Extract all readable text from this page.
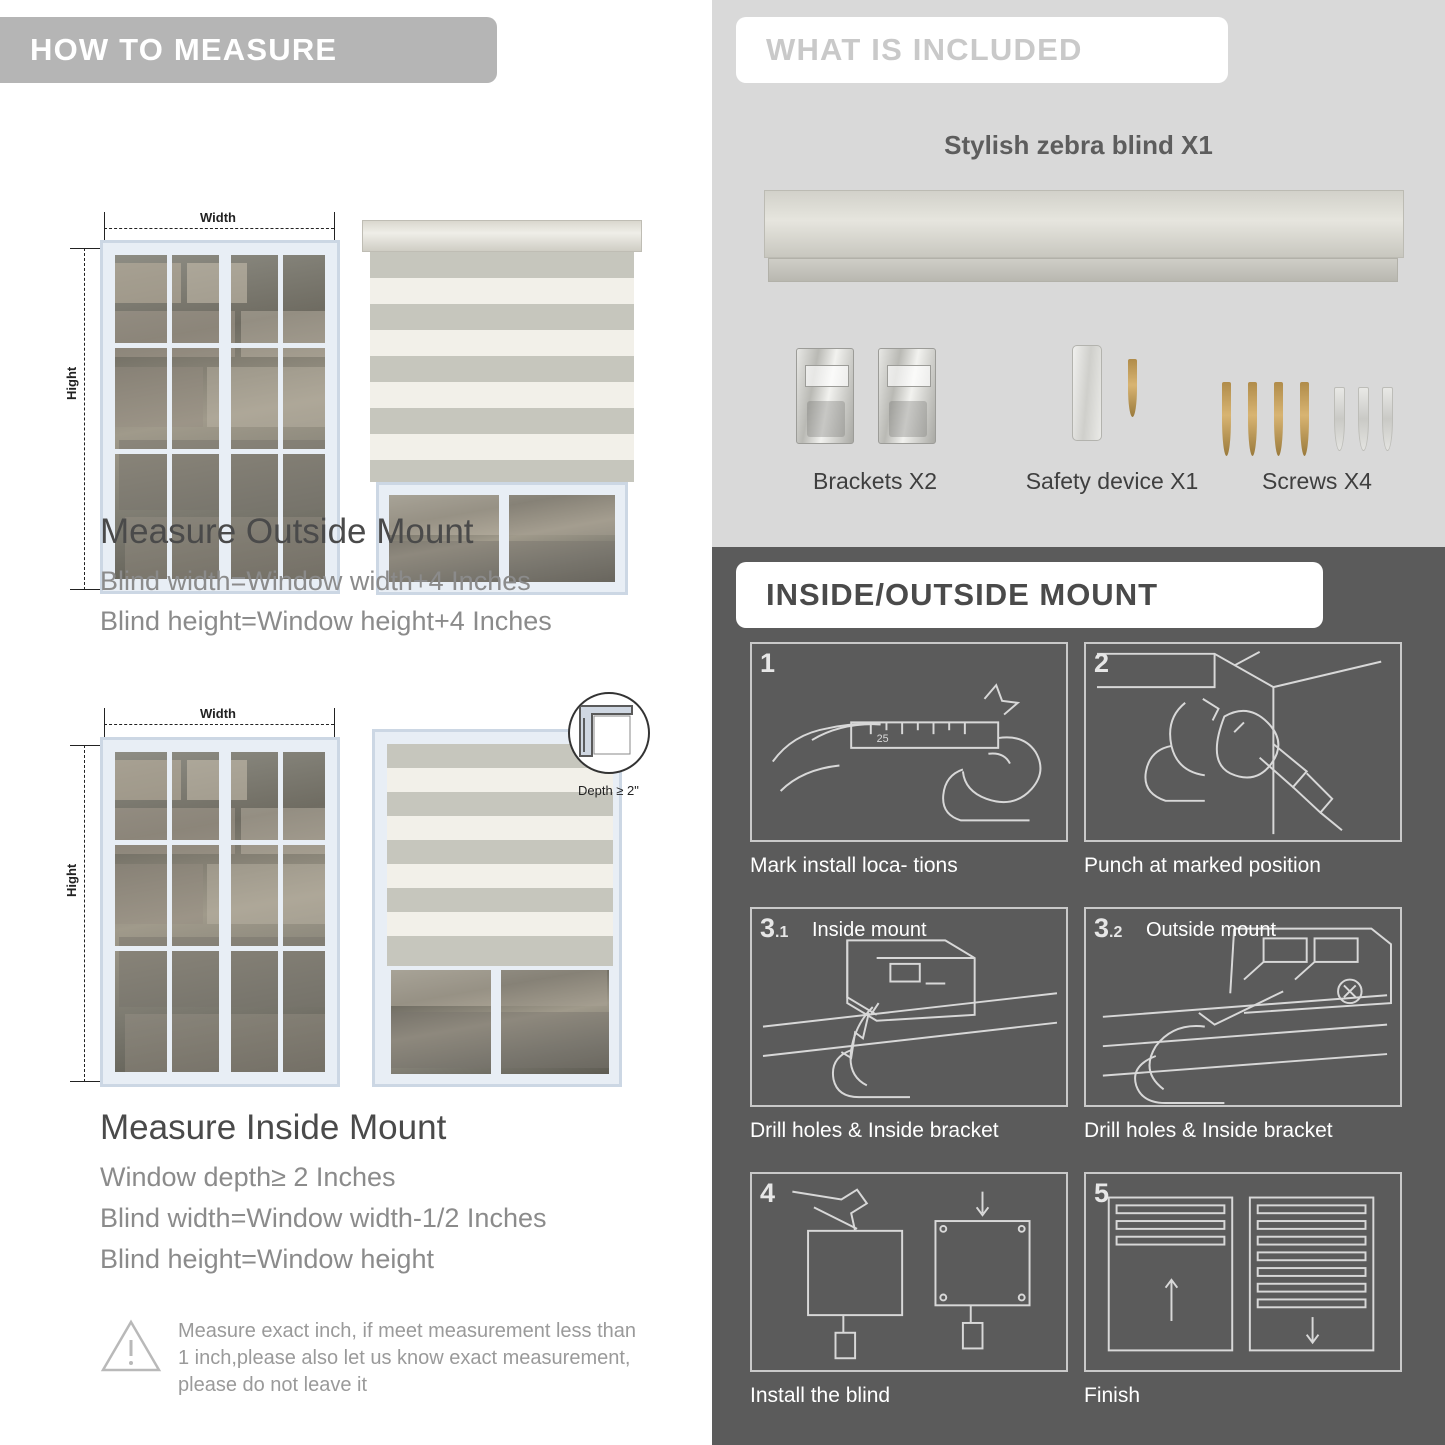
HOW TO MEASURE
Width
Hight
Measure Outside Mount
Blind width=Window width+4 Inches
Blind height=Window height+4 Inches
Width
Hight
Depth ≥ 2"
Measure Inside Mount
Window depth≥ 2 Inches
Blind width=Window width-1/2 Inches
Blind height=Window height
Measure exact inch, if meet measurement less than 1 inch,please also let us know exact measurement, please do not leave it
WHAT IS INCLUDED
Stylish zebra blind X1
Brackets X2	Safety device X1	Screws X4
INSIDE/OUTSIDE MOUNT
25
1
Mark install loca- tions
2
Punch at marked position
3.1 Inside mount
Drill holes & Inside bracket
3.2 Outside mount
Drill holes & Inside bracket
4
Install the blind
5
Finish
